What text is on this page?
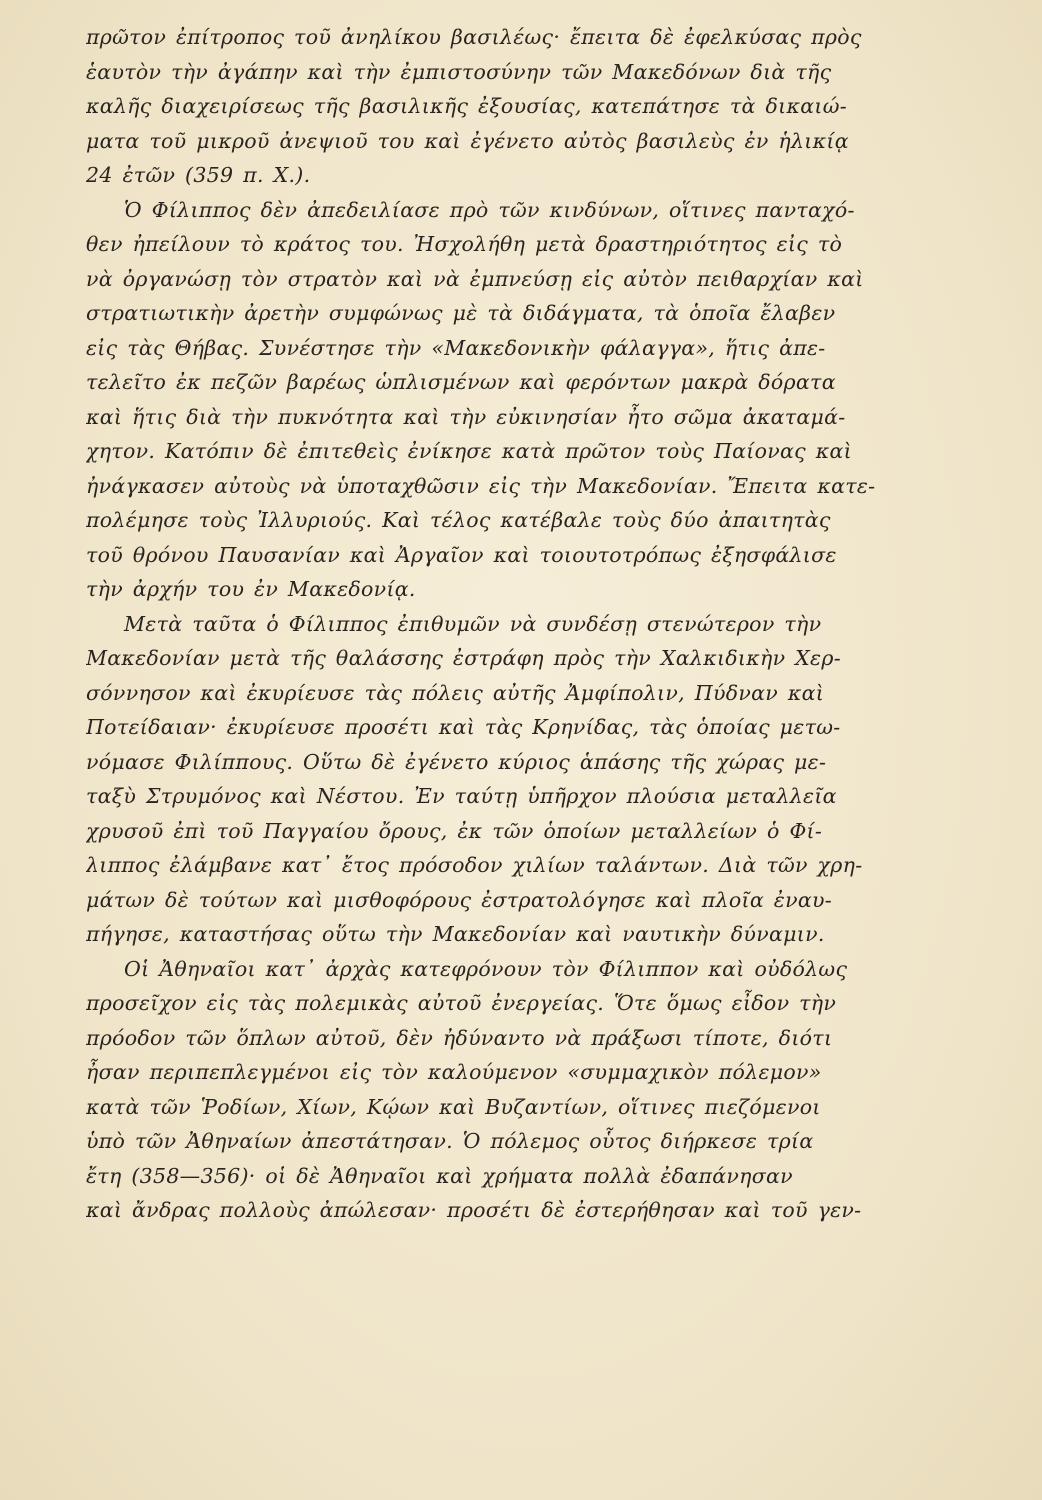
πρῶτον ἐπίτροπος τοῦ ἀνηλίκου βασιλέως· ἔπειτα δὲ ἐφελκύσας πρὸς
ἑαυτὸν τὴν ἀγάπην καὶ τὴν ἐμπιστοσύνην τῶν Μακεδόνων διὰ τῆς
καλῆς διαχειρίσεως τῆς βασιλικῆς ἐξουσίας, κατεπάτησε τὰ δικαιώ-
ματα τοῦ μικροῦ ἀνεψιοῦ του καὶ ἐγένετο αὐτὸς βασιλεὺς ἐν ἡλικίᾳ
24 ἐτῶν (359 π. Χ.).
Ὁ Φίλιππος δὲν ἀπεδειλίασε πρὸ τῶν κινδύνων, οἵτινες πανταχό-
θεν ἠπείλουν τὸ κράτος του. Ἠσχολήθη μετὰ δραστηριότητος εἰς τὸ
νὰ ὀργανώσῃ τὸν στρατὸν καὶ νὰ ἐμπνεύσῃ εἰς αὐτὸν πειθαρχίαν καὶ
στρατιωτικὴν ἀρετὴν συμφώνως μὲ τὰ διδάγματα, τὰ ὁποῖα ἔλαβεν
εἰς τὰς Θήβας. Συνέστησε τὴν «Μακεδονικὴν φάλαγγα», ἥτις ἀπε-
τελεῖτο ἐκ πεζῶν βαρέως ὡπλισμένων καὶ φερόντων μακρὰ δόρατα
καὶ ἥτις διὰ τὴν πυκνότητα καὶ τὴν εὐκινησίαν ἦτο σῶμα ἀκαταμά-
χητον. Κατόπιν δὲ ἐπιτεθεὶς ἐνίκησε κατὰ πρῶτον τοὺς Παίονας καὶ
ἠνάγκασεν αὐτοὺς νὰ ὑποταχθῶσιν εἰς τὴν Μακεδονίαν. Ἔπειτα κατε-
πολέμησε τοὺς Ἰλλυριούς. Καὶ τέλος κατέβαλε τοὺς δύο ἀπαιτητὰς
τοῦ θρόνου Παυσανίαν καὶ Ἀργαῖον καὶ τοιουτοτρόπως ἐξησφάλισε
τὴν ἀρχήν του ἐν Μακεδονίᾳ.
Μετὰ ταῦτα ὁ Φίλιππος ἐπιθυμῶν νὰ συνδέσῃ στενώτερον τὴν
Μακεδονίαν μετὰ τῆς θαλάσσης ἐστράφη πρὸς τὴν Χαλκιδικὴν Χερ-
σόννησον καὶ ἐκυρίευσε τὰς πόλεις αὐτῆς Ἀμφίπολιν, Πύδναν καὶ
Ποτείδαιαν· ἐκυρίευσε προσέτι καὶ τὰς Κρηνίδας, τὰς ὁποίας μετω-
νόμασε Φιλίππους. Οὕτω δὲ ἐγένετο κύριος ἁπάσης τῆς χώρας με-
ταξὺ Στρυμόνος καὶ Νέστου. Ἐν ταύτῃ ὑπῆρχον πλούσια μεταλλεῖα
χρυσοῦ ἐπὶ τοῦ Παγγαίου ὄρους, ἐκ τῶν ὁποίων μεταλλείων ὁ Φί-
λιππος ἐλάμβανε κατ᾽ ἔτος πρόσοδον χιλίων ταλάντων. Διὰ τῶν χρη-
μάτων δὲ τούτων καὶ μισθοφόρους ἐστρατολόγησε καὶ πλοῖα ἐναυ-
πήγησε, καταστήσας οὕτω τὴν Μακεδονίαν καὶ ναυτικὴν δύναμιν.
Οἱ Ἀθηναῖοι κατ᾽ ἀρχὰς κατεφρόνουν τὸν Φίλιππον καὶ οὐδόλως
προσεῖχον εἰς τὰς πολεμικὰς αὐτοῦ ἐνεργείας. Ὅτε ὅμως εἶδον τὴν
πρόοδον τῶν ὅπλων αὐτοῦ, δὲν ἠδύναντο νὰ πράξωσι τίποτε, διότι
ἦσαν περιπεπλεγμένοι εἰς τὸν καλούμενον «συμμαχικὸν πόλεμον»
κατὰ τῶν Ῥοδίων, Χίων, Κῴων καὶ Βυζαντίων, οἵτινες πιεζόμενοι
ὑπὸ τῶν Ἀθηναίων ἀπεστάτησαν. Ὁ πόλεμος οὗτος διήρκεσε τρία
ἔτη (358—356)· οἱ δὲ Ἀθηναῖοι καὶ χρήματα πολλὰ ἐδαπάνησαν
καὶ ἄνδρας πολλοὺς ἀπώλεσαν· προσέτι δὲ ἐστερήθησαν καὶ τοῦ γεν-
